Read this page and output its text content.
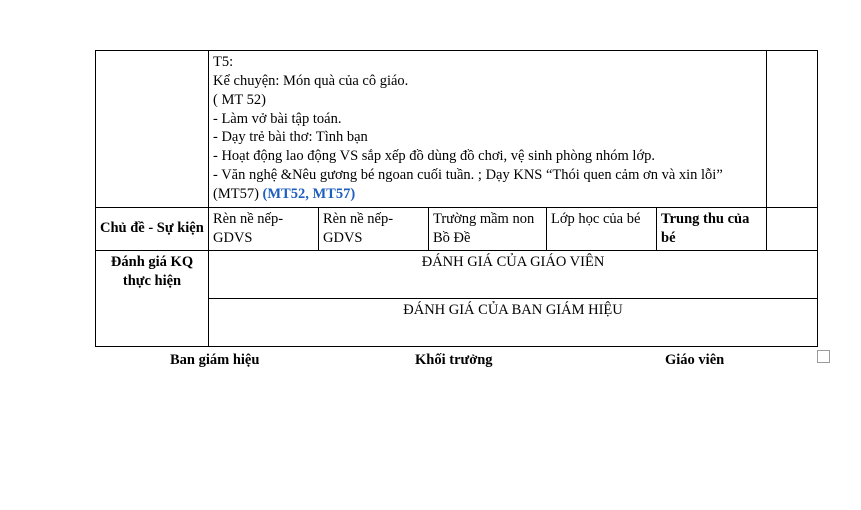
T5:
Kể chuyện: Món quà của cô giáo.
( MT 52)
- Làm vở bài tập toán.
- Dạy trẻ bài thơ: Tình bạn
- Hoạt động lao động VS sắp xếp đồ dùng đồ chơi, vệ sinh phòng nhóm lớp.
- Văn nghệ &Nêu gương bé ngoan cuối tuần. ; Dạy KNS “Thói quen cảm ơn và xin lỗi”
(MT57) (MT52, MT57)

Chủ đề - Sự kiện	Rèn nề nếp-GDVS	Rèn nề nếp-GDVS	Trường mầm non Bồ Đề	Lớp học của bé	Trung thu của bé	
Đánh giá KQ thực hiện	ĐÁNH GIÁ CỦA GIÁO VIÊN					
	ĐÁNH GIÁ CỦA BAN GIÁM HIỆU					
Ban giám hiệu	Khối trưởng	Giáo viên
